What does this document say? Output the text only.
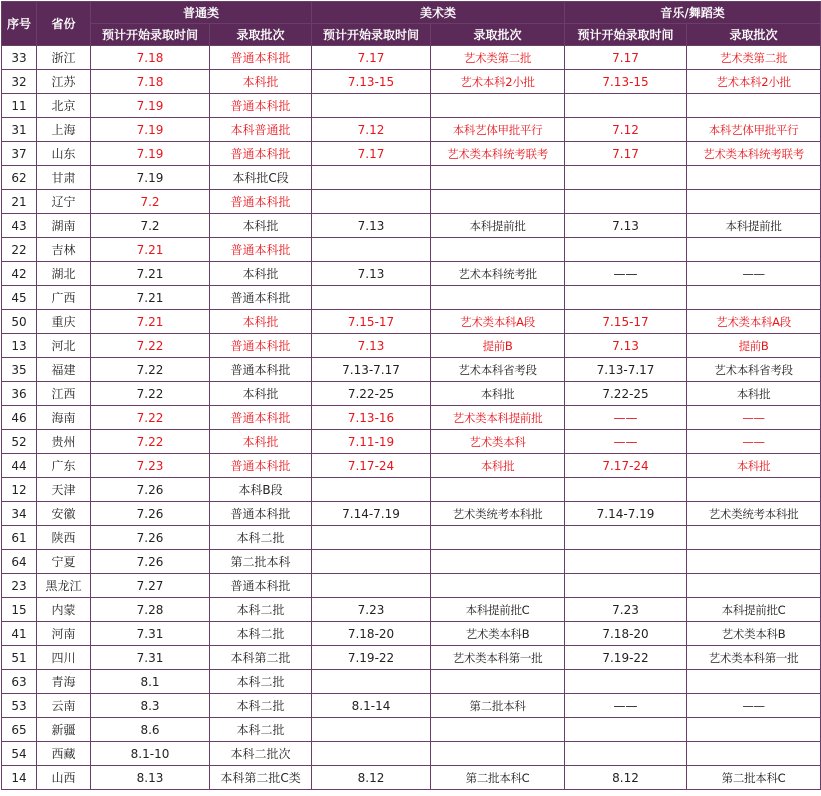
序号	省份	普通类		美术类		音乐/舞蹈类	
		预计开始录取时间	录取批次	预计开始录取时间	录取批次	预计开始录取时间	录取批次
33	浙江	7.18	普通本科批	7.17	艺术类第二批	7.17	艺术类第二批
32	江苏	7.18	本科批	7.13-15	艺术本科2小批	7.13-15	艺术本科2小批
11	北京	7.19	普通本科批				
31	上海	7.19	本科普通批	7.12	本科艺体甲批平行	7.12	本科艺体甲批平行
37	山东	7.19	普通本科批	7.17	艺术类本科统考联考	7.17	艺术类本科统考联考
62	甘肃	7.19	本科批C段				
21	辽宁	7.2	普通本科批				
43	湖南	7.2	本科批	7.13	本科提前批	7.13	本科提前批
22	吉林	7.21	普通本科批				
42	湖北	7.21	本科批	7.13	艺术本科统考批	——	——
45	广西	7.21	普通本科批				
50	重庆	7.21	本科批	7.15-17	艺术类本科A段	7.15-17	艺术类本科A段
13	河北	7.22	普通本科批	7.13	提前B	7.13	提前B
35	福建	7.22	普通本科批	7.13-7.17	艺术本科省考段	7.13-7.17	艺术本科省考段
36	江西	7.22	本科批	7.22-25	本科批	7.22-25	本科批
46	海南	7.22	普通本科批	7.13-16	艺术类本科提前批	——	——
52	贵州	7.22	本科批	7.11-19	艺术类本科	——	——
44	广东	7.23	普通本科批	7.17-24	本科批	7.17-24	本科批
12	天津	7.26	本科B段				
34	安徽	7.26	普通本科批	7.14-7.19	艺术类统考本科批	7.14-7.19	艺术类统考本科批
61	陕西	7.26	本科二批				
64	宁夏	7.26	第二批本科				
23	黑龙江	7.27	普通本科批				
15	内蒙	7.28	本科二批	7.23	本科提前批C	7.23	本科提前批C
41	河南	7.31	本科二批	7.18-20	艺术类本科B	7.18-20	艺术类本科B
51	四川	7.31	本科第二批	7.19-22	艺术类本科第一批	7.19-22	艺术类本科第一批
63	青海	8.1	本科二批				
53	云南	8.3	本科二批	8.1-14	第二批本科	——	——
65	新疆	8.6	本科二批				
54	西藏	8.1-10	本科二批次				
14	山西	8.13	本科第二批C类	8.12	第二批本科C	8.12	第二批本科C
